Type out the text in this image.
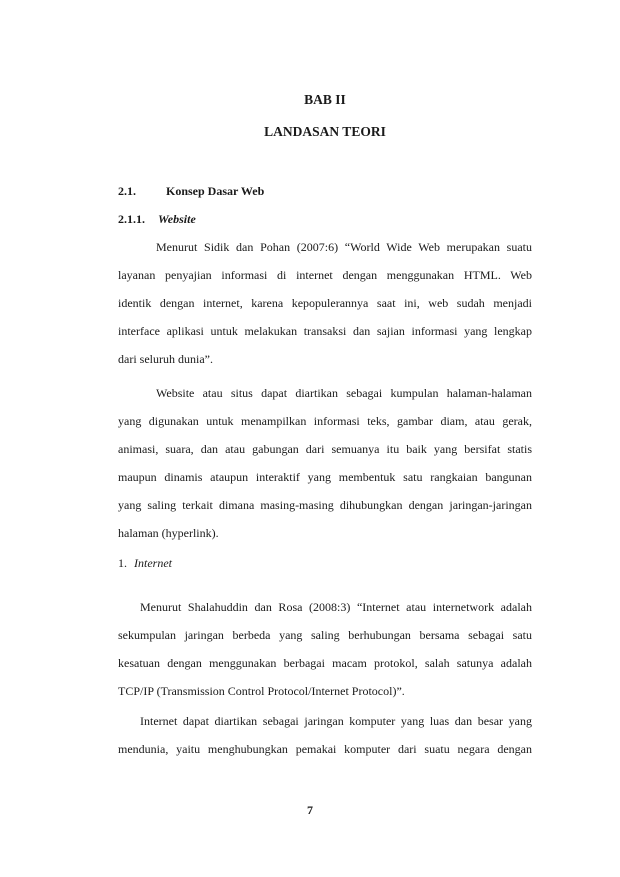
BAB II
LANDASAN TEORI
2.1.	Konsep Dasar Web
2.1.1. Website
Menurut Sidik dan Pohan (2007:6) “World Wide Web merupakan suatu
layanan penyajian informasi di internet dengan menggunakan HTML. Web
identik dengan internet, karena kepopulerannya saat ini, web sudah menjadi
interface aplikasi untuk melakukan transaksi dan sajian informasi yang lengkap
dari seluruh dunia”.
Website atau situs dapat diartikan sebagai kumpulan halaman-halaman
yang digunakan untuk menampilkan informasi teks, gambar diam, atau gerak,
animasi, suara, dan atau gabungan dari semuanya itu baik yang bersifat statis
maupun dinamis ataupun interaktif yang membentuk satu rangkaian bangunan
yang saling terkait dimana masing-masing dihubungkan dengan jaringan-jaringan
halaman (hyperlink).
1. Internet
Menurut Shalahuddin dan Rosa (2008:3) “Internet atau internetwork adalah
sekumpulan jaringan berbeda yang saling berhubungan bersama sebagai satu
kesatuan dengan menggunakan berbagai macam protokol, salah satunya adalah
TCP/IP (Transmission Control Protocol/Internet Protocol)”.
Internet dapat diartikan sebagai jaringan komputer yang luas dan besar yang
mendunia, yaitu menghubungkan pemakai komputer dari suatu negara dengan
7
